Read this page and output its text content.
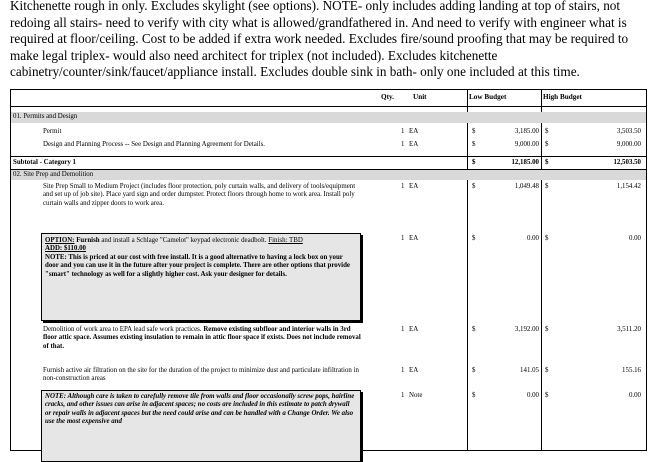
Kitchenette rough in only. Excludes skylight (see options). NOTE- only includes adding landing at top of stairs, not

redoing all stairs- need to verify with city what is allowed/grandfathered in. And need to verify with engineer what is

required at floor/ceiling. Cost to be added if extra work needed. Excludes fire/sound proofing that may be required to

make legal triplex- would also need architect for triplex (not included). Excludes kitchenette

cabinetry/counter/sink/faucet/appliance install. Excludes double sink in bath- only one included at this time.

Qty.	Unit	Low Budget	High Budget
01. Permits and Design
Permit	1 EA	$	3,185.00 $	3,503.50
Design and Planning Process -- See Design and Planning Agreement for Details.	1 EA	$	9,000.00 $	9,000.00
Subtotal - Category 1	$	12,185.00 $	12,503.50
02. Site Prep and Demolition
Site Prep Small to Medium Project (includes floor protection, poly curtain walls, and delivery of tools/equipment and set up of job site). Place yard sign and order dumpster. Protect floors through home to work area. Install poly curtain walls and zipper doors to work area.
1 EA	$	1,049.48 $	1,154.42
OPTION: Furnish and install a Schlage "Camelot" keypad electronic deadbolt. Finish: TBD
ADD: $110.00
NOTE: This is priced at our cost with free install. It is a good alternative to having a lock box on your door and you can use it in the future after your project is complete. There are other options that provide "smart" technology as well for a slightly higher cost. Ask your designer for details.
1 EA	$	0.00 $	0.00
Demolition of work area to EPA lead safe work practices. Remove existing subfloor and interior walls in 3rd floor attic space. Assumes existing insulation to remain in attic floor space if exists. Does not include removal of that.
1 EA	$	3,192.00 $	3,511.20
Furnish active air filtration on the site for the duration of the project to minimize dust and particulate infiltration in non-construction areas
1 EA	$	141.05 $	155.16
NOTE: Although care is taken to carefully remove tile from walls and floor occasionally screw pops, hairline cracks, and other issues can arise in adjacent spaces; no costs are included in this estimate to patch drywall or repair walls in adjacent spaces but the need could arise and can be handled with a Change Order. We also use the most expensive and
1 Note	$	0.00 $	0.00
